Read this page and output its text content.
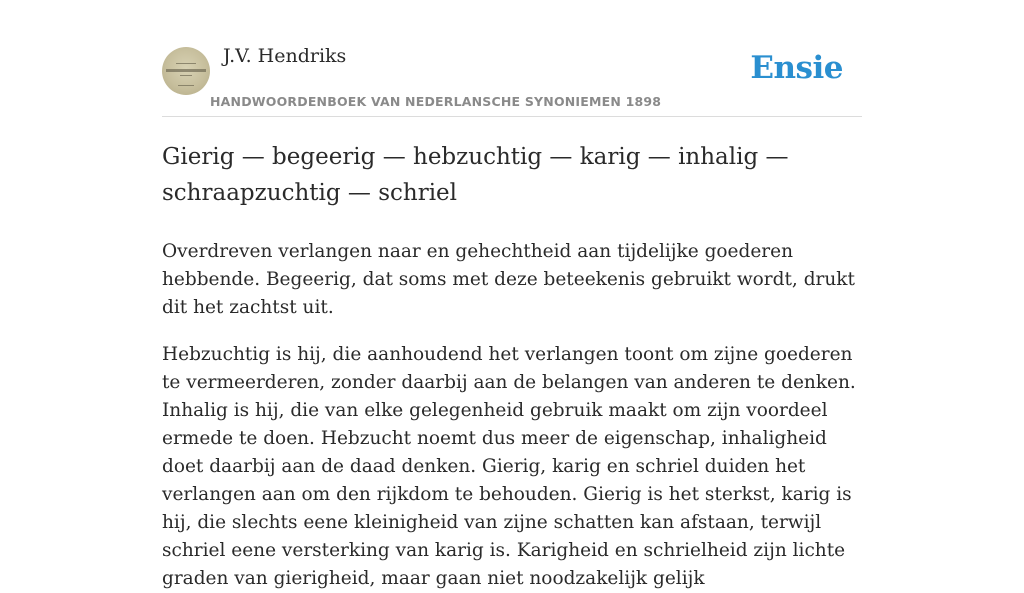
J.V. Hendriks
HANDWOORDENBOEK VAN NEDERLANSCHE SYNONIEMEN 1898
Ensie
Gierig — begeerig — hebzuchtig — karig — inhalig — schraapzuchtig — schriel

Overdreven verlangen naar en gehechtheid aan tijdelijke goederen hebbende. Begeerig, dat soms met deze beteekenis gebruikt wordt, drukt dit het zachtst uit.

Hebzuchtig is hij, die aanhoudend het verlangen toont om zijne goederen te vermeerderen, zonder daarbij aan de belangen van anderen te denken. Inhalig is hij, die van elke gelegenheid gebruik maakt om zijn voordeel ermede te doen. Hebzucht noemt dus meer de eigenschap, inhaligheid doet daarbij aan de daad denken. Gierig, karig en schriel duiden het verlangen aan om den rijkdom te behouden. Gierig is het sterkst, karig is hij, die slechts eene kleinigheid van zijne schatten kan afstaan, terwijl schriel eene versterking van karig is. Karigheid en schrielheid zijn lichte graden van gierigheid, maar gaan niet noodzakelijk gelijk
